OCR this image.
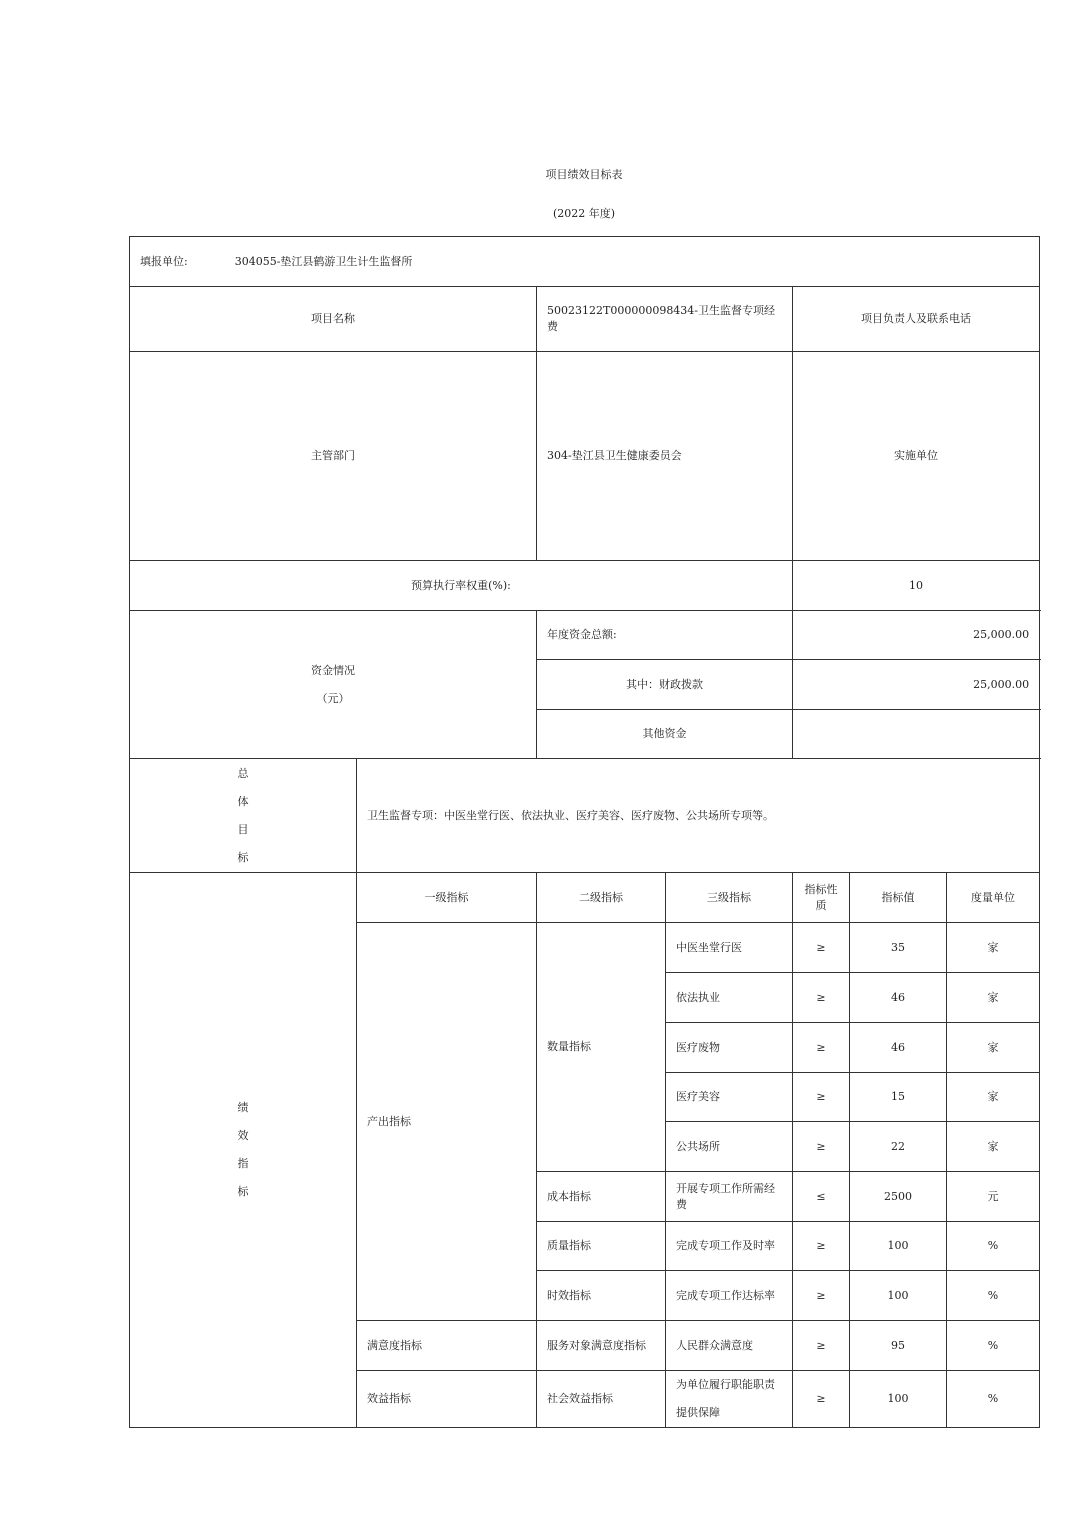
项目绩效目标表
(2022 年度)
填报单位: 304055-垫江县鹤游卫生计生监督所							
项目名称		50023122T000000098434-卫生监督专项经费		项目负责人及联系电话	
主管部门		304-垫江县卫生健康委员会		实施单位	
预算执行率权重(%):				10			

资金情况
（元）		年度资金总额:		25,000.00			
		其中：财政拨款		25,000.00			
		其他资金					

总
体
目
标	卫生监督专项：中医坐堂行医、依法执业、医疗美容、医疗废物、公共场所专项等。						

绩
效
指
标	一级指标	二级指标	三级指标	指标性质	指标值	度量单位	
	产出指标	数量指标	中医坐堂行医	≥	35	家	
			依法执业	≥	46	家	
			医疗废物	≥	46	家	
			医疗美容	≥	15	家	
			公共场所	≥	22	家	
		成本指标	开展专项工作所需经费	≤	2500	元	
		质量指标	完成专项工作及时率	≥	100	%	
		时效指标	完成专项工作达标率	≥	100	%	
	满意度指标	服务对象满意度指标	人民群众满意度	≥	95	%	
	效益指标	社会效益指标	为单位履行职能职责提供保障	≥	100	%	
